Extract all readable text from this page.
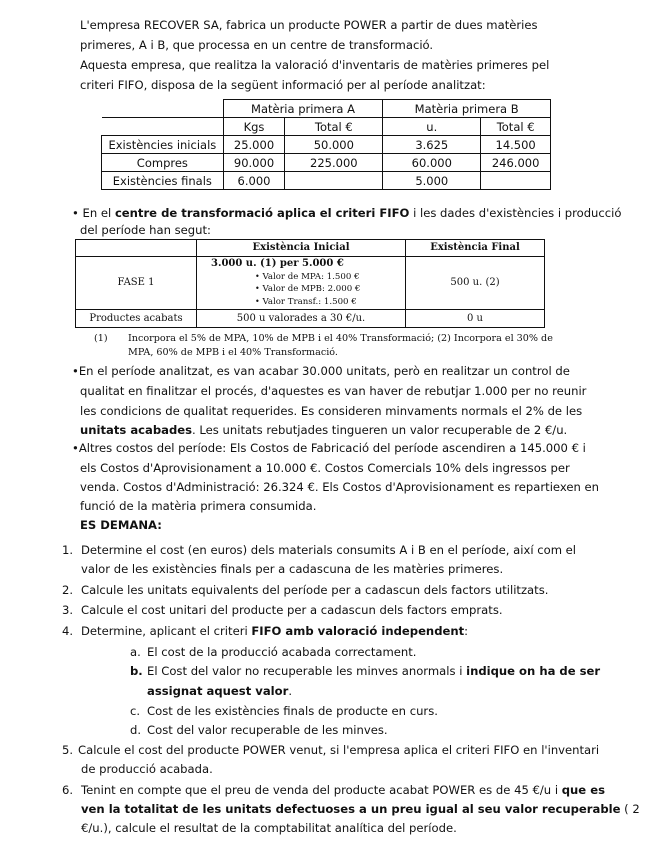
L'empresa RECOVER SA, fabrica un producte POWER a partir de dues matèries
primeres, A i B, que processa en un centre de transformació.
Aquesta empresa, que realitza la valoració d'inventaris de matèries primeres pel
criteri FIFO, disposa de la següent informació per al període analitzat:
	Matèria primera A		Matèria primera B	
	Kgs	Total €	u.	Total €
Existències inicials	25.000	50.000	3.625	14.500
Compres	90.000	225.000	60.000	246.000
Existències finals	6.000		5.000	
• En el centre de transformació aplica el criteri FIFO i les dades d'existències i producció
del període han segut:
	Existència Inicial	Existència Final
FASE 1	3.000 u. (1) per 5.000 €
• Valor de MPA: 1.500 €
• Valor de MPB: 2.000 €
• Valor Transf.: 1.500 €	500 u. (2)
Productes acabats	500 u valorades a 30 €/u.	0 u
(1) Incorpora el 5% de MPA, 10% de MPB i el 40% Transformació; (2) Incorpora el 30% de
MPA, 60% de MPB i el 40% Transformació.
•En el període analitzat, es van acabar 30.000 unitats, però en realitzar un control de
qualitat en finalitzar el procés, d'aquestes es van haver de rebutjar 1.000 per no reunir
les condicions de qualitat requerides. Es consideren minvaments normals el 2% de les
unitats acabades. Les unitats rebutjades tingueren un valor recuperable de 2 €/u.
•Altres costos del període: Els Costos de Fabricació del període ascendiren a 145.000 € i
els Costos d'Aprovisionament a 10.000 €. Costos Comercials 10% dels ingressos per
venda. Costos d'Administració: 26.324 €. Els Costos d'Aprovisionament es repartiexen en
funció de la matèria primera consumida.
ES DEMANA:
1. Determine el cost (en euros) dels materials consumits A i B en el període, així com el
valor de les existències finals per a cadascuna de les matèries primeres.
2. Calcule les unitats equivalents del període per a cadascun dels factors utilitzats.
3. Calcule el cost unitari del producte per a cadascun dels factors emprats.
4. Determine, aplicant el criteri FIFO amb valoració independent:
a. El cost de la producció acabada correctament.
b. El Cost del valor no recuperable les minves anormals i indique on ha de ser
assignat aquest valor.
c. Cost de les existències finals de producte en curs.
d. Cost del valor recuperable de les minves.
5. Calcule el cost del producte POWER venut, si l'empresa aplica el criteri FIFO en l'inventari
de producció acabada.
6. Tenint en compte que el preu de venda del producte acabat POWER es de 45 €/u i que es
ven la totalitat de les unitats defectuoses a un preu igual al seu valor recuperable ( 2
€/u.), calcule el resultat de la comptabilitat analítica del període.
